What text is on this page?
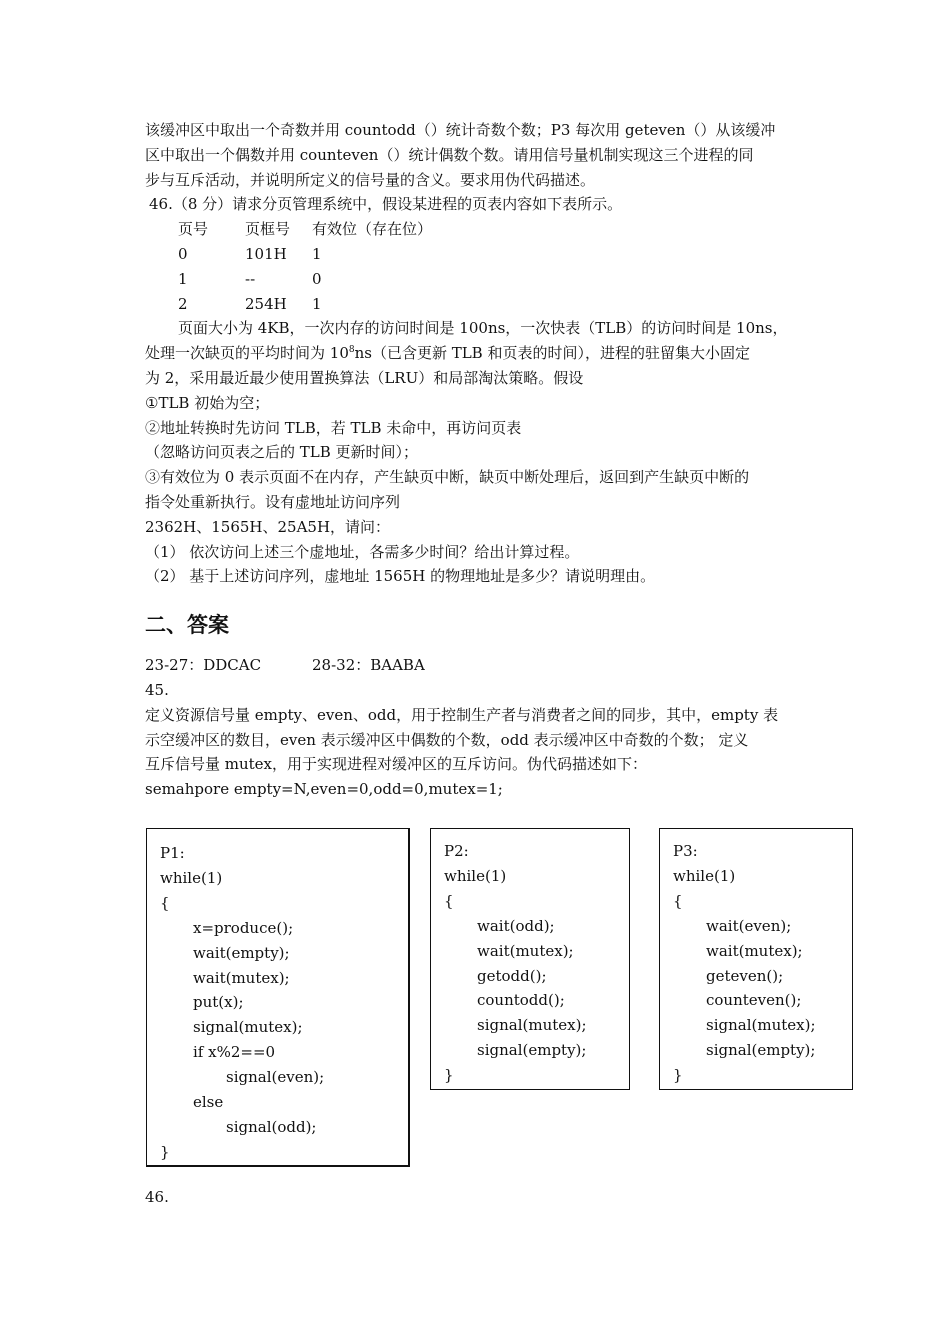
该缓冲区中取出一个奇数并用 countodd（）统计奇数个数；P3 每次用 geteven（）从该缓冲

区中取出一个偶数并用 counteven（）统计偶数个数。请用信号量机制实现这三个进程的同

步与互斥活动，并说明所定义的信号量的含义。要求用伪代码描述。

46.（8 分）请求分页管理系统中，假设某进程的页表内容如下表所示。

页号	页框号	有效位（存在位）
0	101H	1
1	--	0
2	254H	1

页面大小为 4KB，一次内存的访问时间是 100ns，一次快表（TLB）的访问时间是 10ns，

处理一次缺页的平均时间为 $10^8ns$（已含更新 TLB 和页表的时间），进程的驻留集大小固定

为 2，采用最近最少使用置换算法（LRU）和局部淘汰策略。假设

①TLB 初始为空；

②地址转换时先访问 TLB，若 TLB 未命中，再访问页表

（忽略访问页表之后的 TLB 更新时间）；

③有效位为 0 表示页面不在内存，产生缺页中断，缺页中断处理后，返回到产生缺页中断的

指令处重新执行。设有虚地址访问序列

2362H、1565H、25A5H，请问：

（1） 依次访问上述三个虚地址，各需多少时间？给出计算过程。

（2） 基于上述访问序列，虚地址 1565H 的物理地址是多少？请说明理由。

二、答案

23-27：DDCAC	28-32：BAABA

45.

定义资源信号量 empty、even、odd，用于控制生产者与消费者之间的同步，其中，empty 表

示空缓冲区的数目，even 表示缓冲区中偶数的个数，odd 表示缓冲区中奇数的个数； 定义

互斥信号量 mutex，用于实现进程对缓冲区的互斥访问。伪代码描述如下：

semahpore empty=N,even=0,odd=0,mutex=1;

P1:
while(1)
{
x=produce();
wait(empty);
wait(mutex);
put(x);
signal(mutex);
if x%2==0
signal(even);
else
signal(odd);
}
P2:
while(1)
{
wait(odd);
wait(mutex);
getodd();
countodd();
signal(mutex);
signal(empty);
}
P3:
while(1)
{
wait(even);
wait(mutex);
geteven();
counteven();
signal(mutex);
signal(empty);
}
46.
